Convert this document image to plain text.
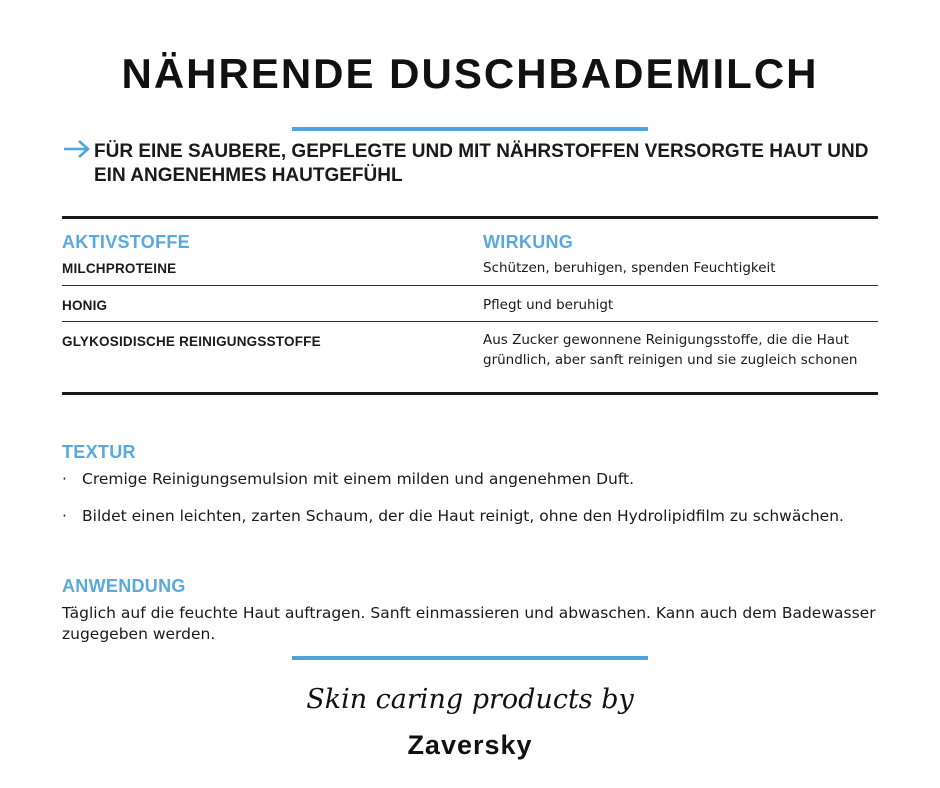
NÄHRENDE DUSCHBADEMILCH
FÜR EINE SAUBERE, GEPFLEGTE UND MIT NÄHRSTOFFEN VERSORGTE HAUT UND EIN ANGENEHMES HAUTGEFÜHL
AKTIVSTOFFE	WIRKUNG
MILCHPROTEINE	Schützen, beruhigen, spenden Feuchtigkeit
HONIG	Pflegt und beruhigt
GLYKOSIDISCHE REINIGUNGSSTOFFE	Aus Zucker gewonnene Reinigungsstoffe, die die Haut gründlich, aber sanft reinigen und sie zugleich schonen
TEXTUR
· Cremige Reinigungsemulsion mit einem milden und angenehmen Duft.
· Bildet einen leichten, zarten Schaum, der die Haut reinigt, ohne den Hydrolipidfilm zu schwächen.
ANWENDUNG
Täglich auf die feuchte Haut auftragen. Sanft einmassieren und abwaschen. Kann auch dem Badewasser zugegeben werden.
Skin caring products by
Zaversky
